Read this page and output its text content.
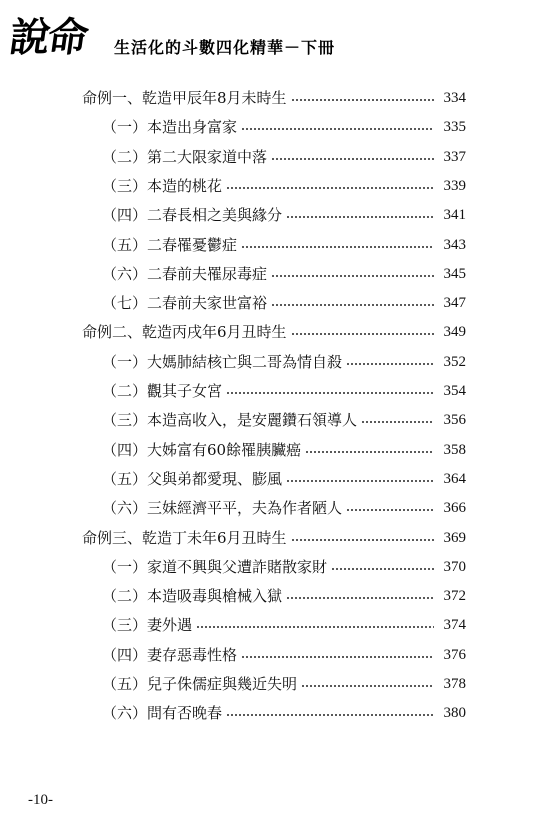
說命 生活化的斗數四化精華－下冊
命例一、乾造甲辰年8月未時生	334
（一） 本造出身富家	335
（二） 第二大限家道中落	337
（三） 本造的桃花	339
（四） 二春長相之美與緣分	341
（五） 二春罹憂鬱症	343
（六） 二春前夫罹尿毒症	345
（七） 二春前夫家世富裕	347
命例二、乾造丙戌年6月丑時生	349
（一） 大媽肺結核亡與二哥為情自殺	352
（二） 觀其子女宮	354
（三） 本造高收入，是安麗鑽石領導人	356
（四） 大姊富有60餘罹胰臟癌	358
（五） 父與弟都愛現、膨風	364
（六） 三妹經濟平平，夫為作者陋人	366
命例三、乾造丁未年6月丑時生	369
（一） 家道不興與父遭詐賭散家財	370
（二） 本造吸毒與槍械入獄	372
（三） 妻外遇	374
（四） 妻存惡毒性格	376
（五） 兒子侏儒症與幾近失明	378
（六） 問有否晚春	380
-10-
